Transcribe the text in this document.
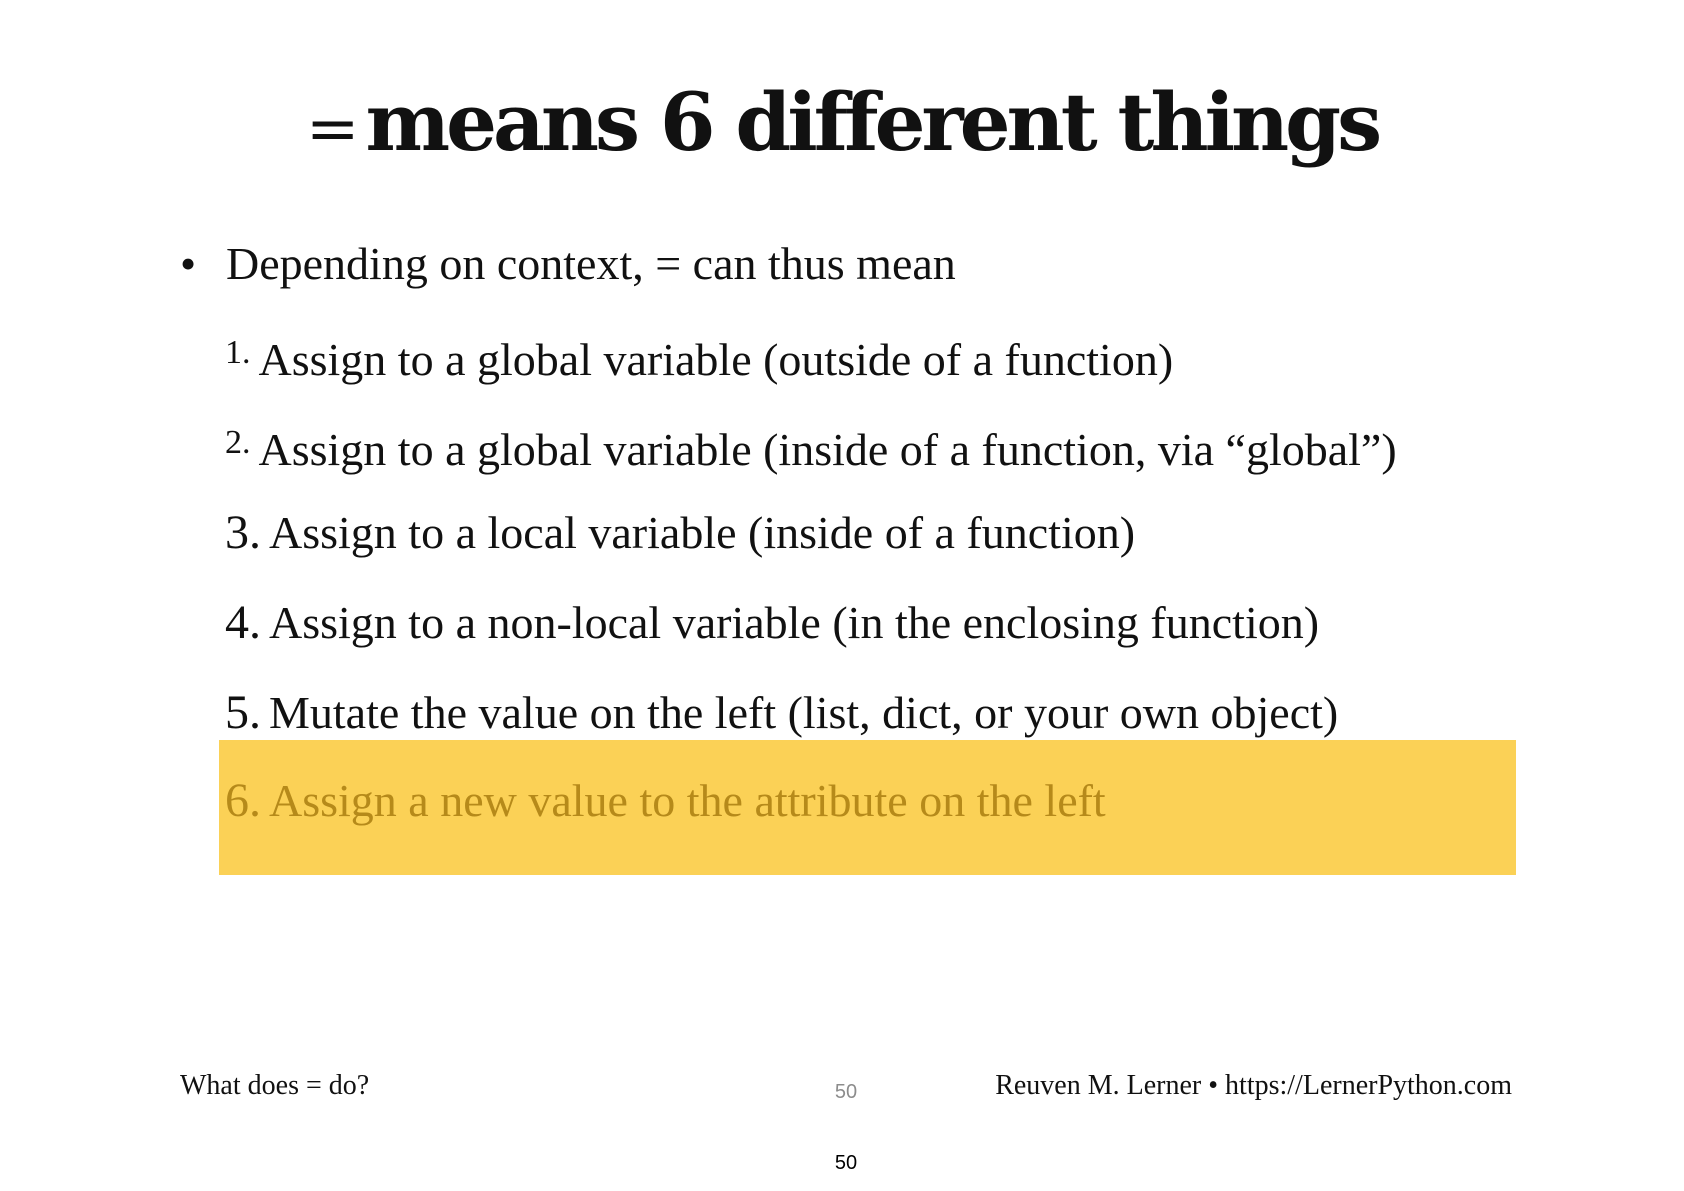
=means 6 different things
• Depending on context, = can thus mean
$^{1.}$ Assign to a global variable (outside of a function)
$^{2.}$ Assign to a global variable (inside of a function, via “global”)
3. Assign to a local variable (inside of a function)
4. Assign to a non-local variable (in the enclosing function)
5. Mutate the value on the left (list, dict, or your own object)
6. Assign a new value to the attribute on the left
What does = do?	50	Reuven M. Lerner • https://LernerPython.com
50
